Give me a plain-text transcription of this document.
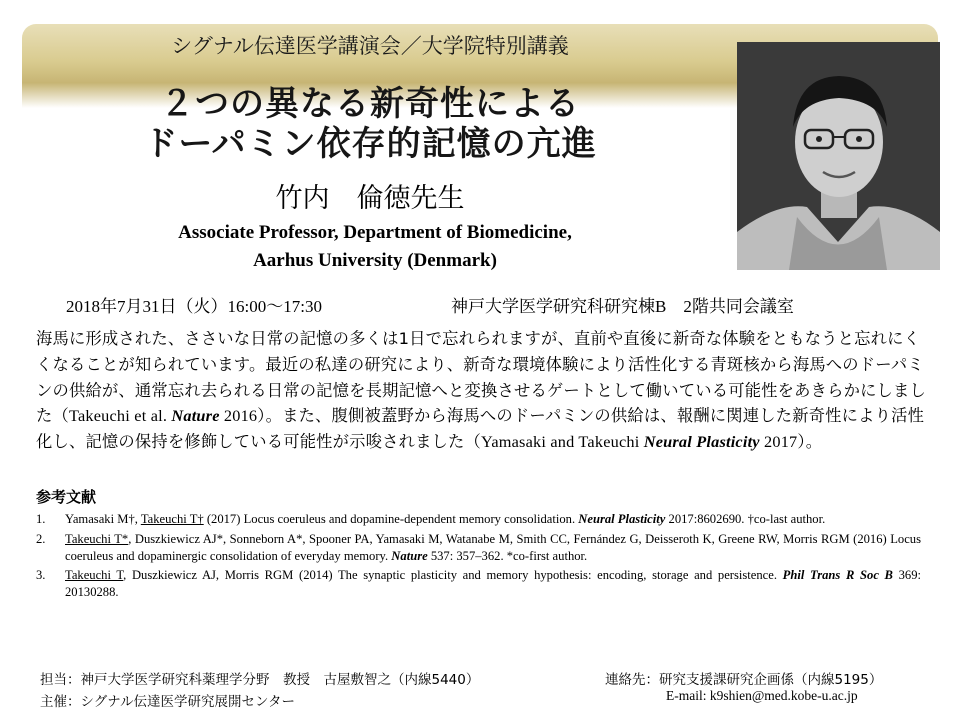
シグナル伝達医学講演会／大学院特別講義
２つの異なる新奇性による
ドーパミン依存的記憶の亢進
竹内　倫徳先生
Associate Professor, Department of Biomedicine,
Aarhus University (Denmark)
2018年7月31日（火）16:00～17:30	神戸大学医学研究科研究棟B　2階共同会議室
海馬に形成された、ささいな日常の記憶の多くは1日で忘れられますが、直前や直後に新奇な体験をともなうと忘れにくくなることが知られています。最近の私達の研究により、新奇な環境体験により活性化する青斑核から海馬へのドーパミンの供給が、通常忘れ去られる日常の記憶を長期記憶へと変換させるゲートとして働いている可能性をあきらかにしました（Takeuchi et al. Nature 2016）。また、腹側被蓋野から海馬へのドーパミンの供給は、報酬に関連した新奇性により活性化し、記憶の保持を修飾している可能性が示唆されました（Yamasaki and Takeuchi Neural Plasticity 2017）。
参考文献
1.	Yamasaki M†, Takeuchi T† (2017) Locus coeruleus and dopamine-dependent memory consolidation. Neural Plasticity 2017:8602690. †co-last author.
2.	Takeuchi T*, Duszkiewicz AJ*, Sonneborn A*, Spooner PA, Yamasaki M, Watanabe M, Smith CC, Fernández G, Deisseroth K, Greene RW, Morris RGM (2016) Locus coeruleus and dopaminergic consolidation of everyday memory. Nature 537: 357–362. *co-first author.
3.	Takeuchi T, Duszkiewicz AJ, Morris RGM (2014) The synaptic plasticity and memory hypothesis: encoding, storage and persistence. Phil Trans R Soc B 369: 20130288.
担当：神戸大学医学研究科薬理学分野　教授　古屋敷智之（内線5440）
主催：シグナル伝達医学研究展開センター
連絡先：研究支援課研究企画係（内線5195）
E-mail: k9shien@med.kobe-u.ac.jp
